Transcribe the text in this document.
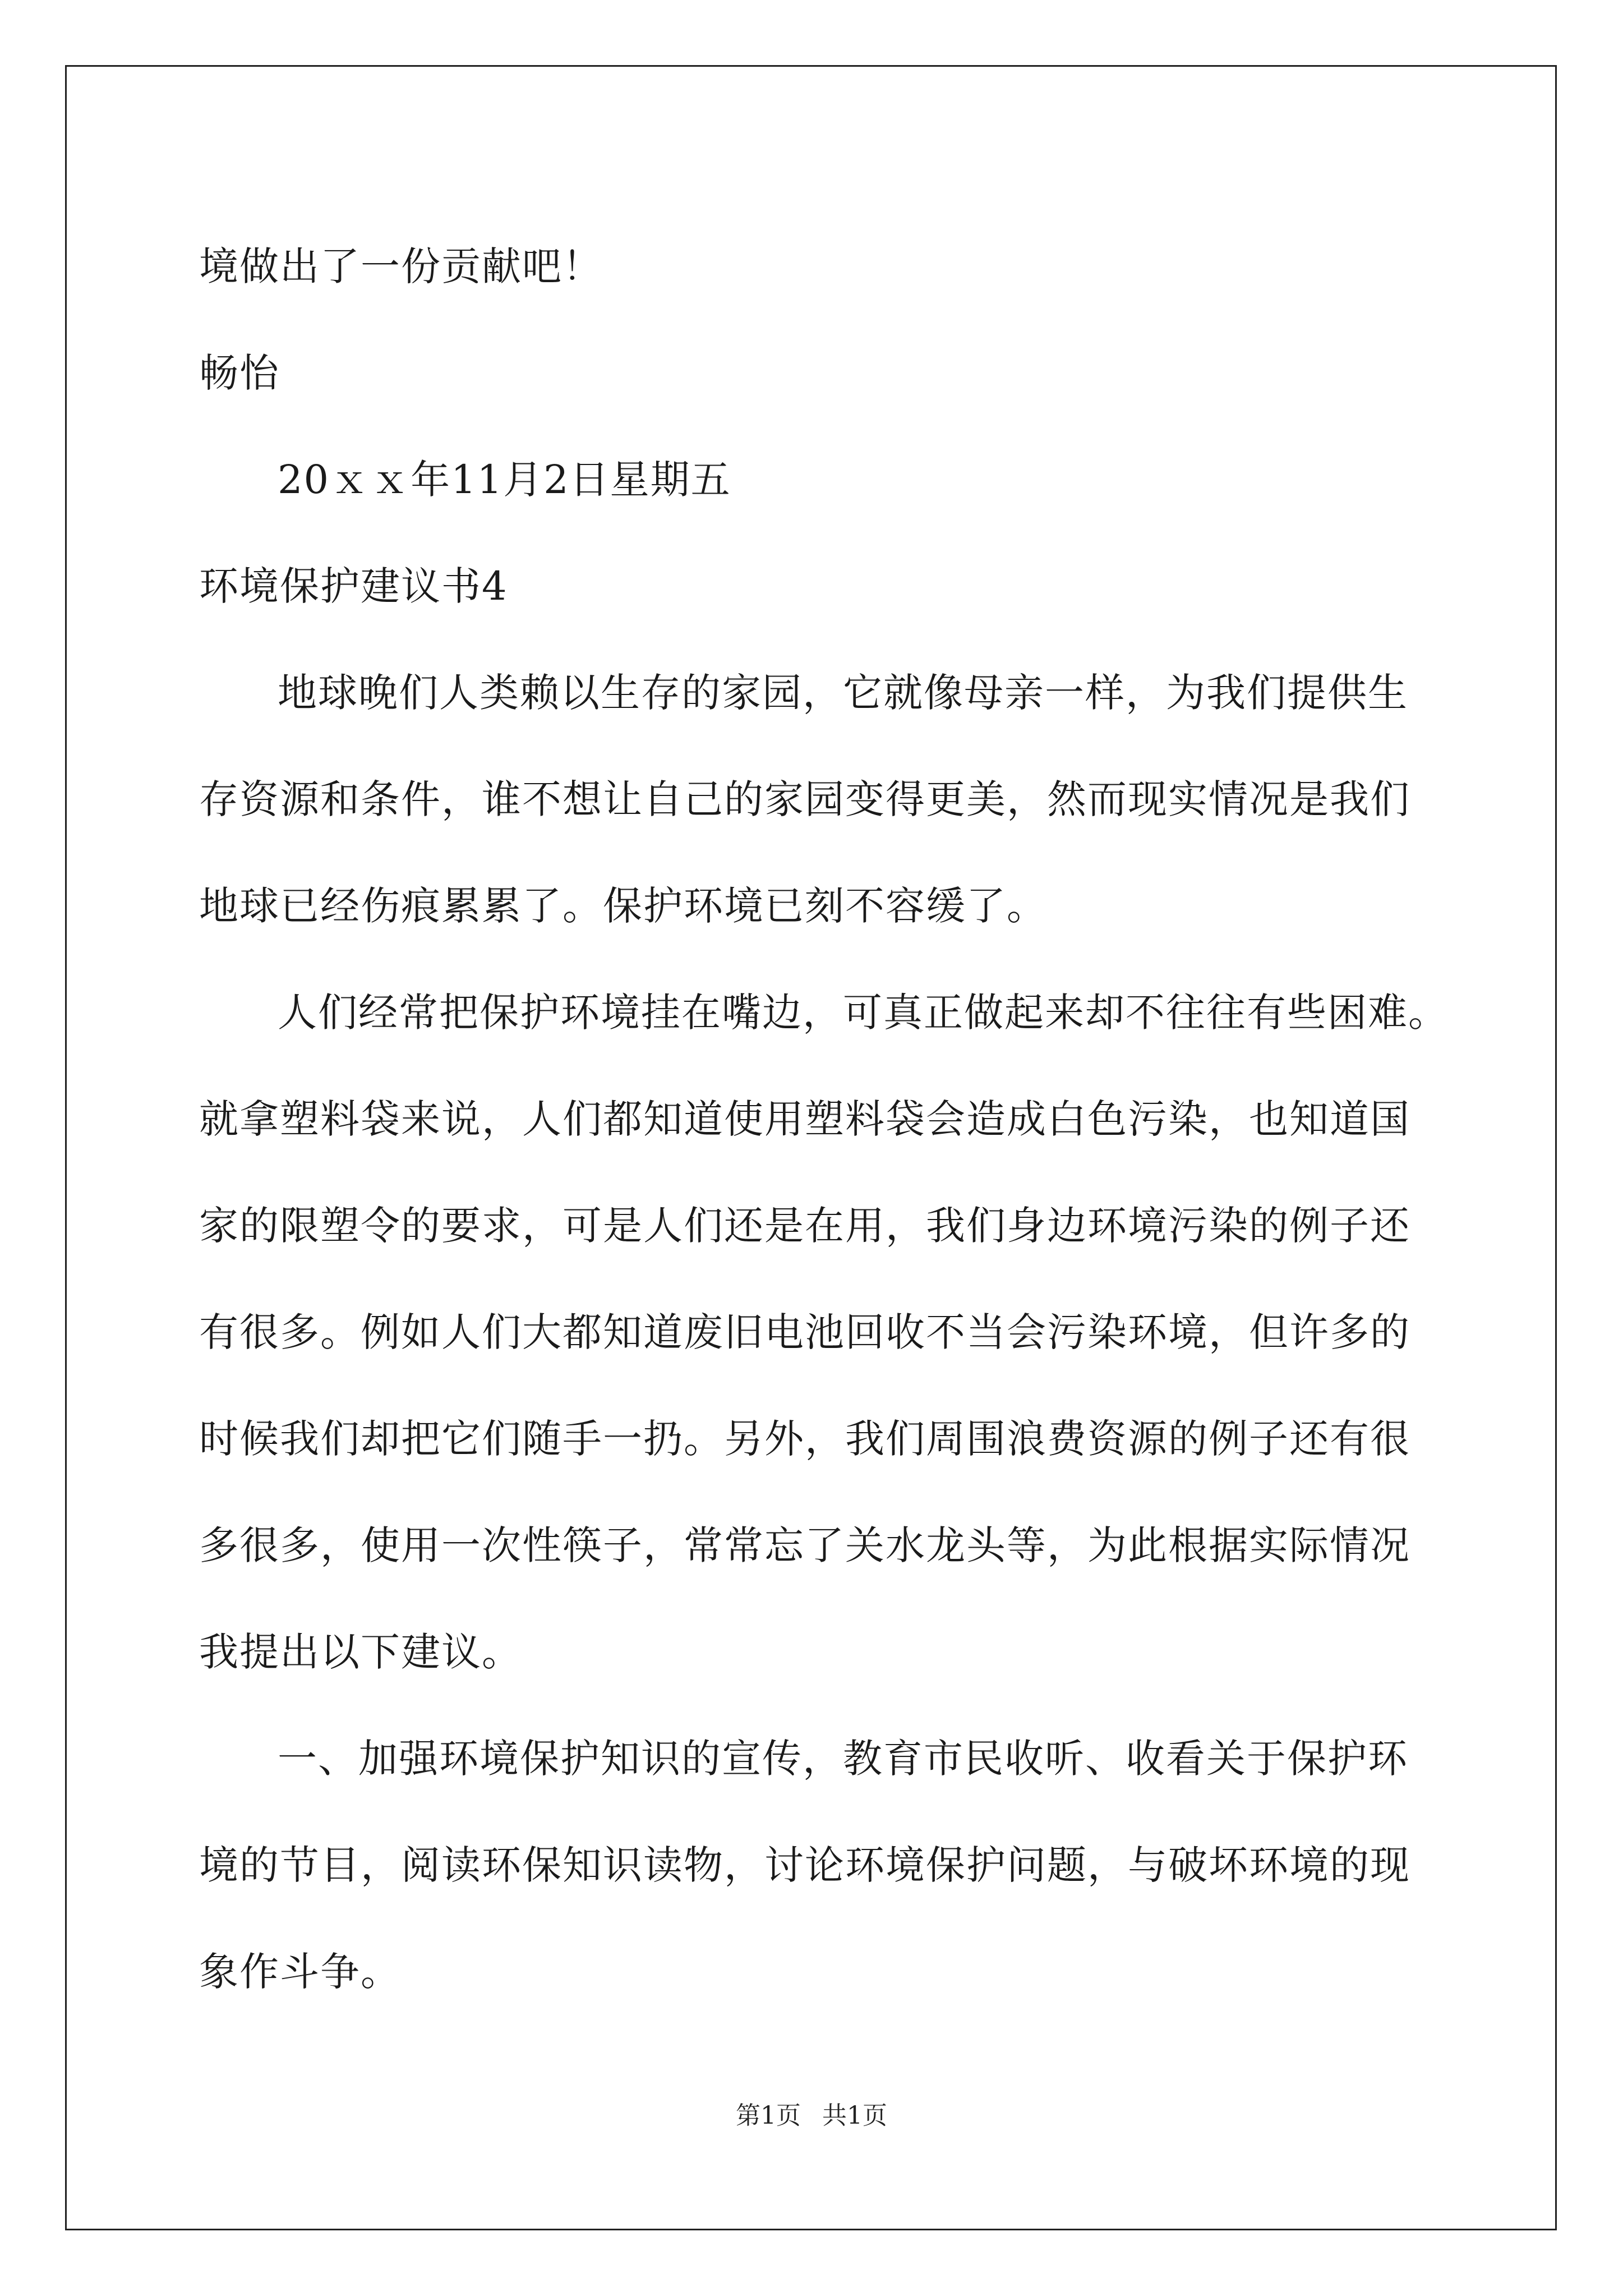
境做出了一份贡献吧！
畅怡
20ｘｘ年11月2日星期五
环境保护建议书4
地球晚们人类赖以生存的家园，它就像母亲一样，为我们提供生
存资源和条件，谁不想让自己的家园变得更美，然而现实情况是我们
地球已经伤痕累累了。保护环境已刻不容缓了。
人们经常把保护环境挂在嘴边，可真正做起来却不往往有些困难。
就拿塑料袋来说，人们都知道使用塑料袋会造成白色污染，也知道国
家的限塑令的要求，可是人们还是在用，我们身边环境污染的例子还
有很多。例如人们大都知道废旧电池回收不当会污染环境，但许多的
时候我们却把它们随手一扔。另外，我们周围浪费资源的例子还有很
多很多，使用一次性筷子，常常忘了关水龙头等，为此根据实际情况
我提出以下建议。
一、加强环境保护知识的宣传，教育市民收听、收看关于保护环
境的节目，阅读环保知识读物，讨论环境保护问题，与破坏环境的现
象作斗争。
第1页 共1页
